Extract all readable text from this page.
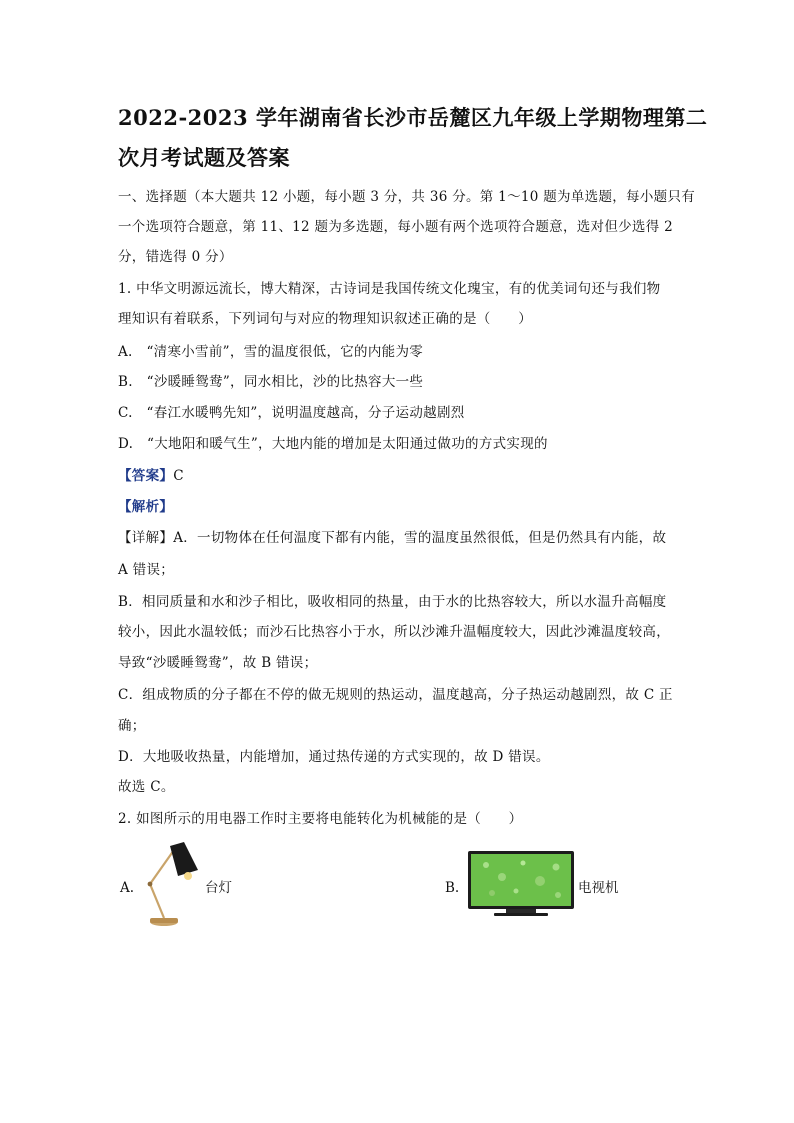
2022-2023 学年湖南省长沙市岳麓区九年级上学期物理第二
次月考试题及答案
一、选择题（本大题共 12 小题，每小题 3 分，共 36 分。第 1～10 题为单选题，每小题只有
一个选项符合题意，第 11、12 题为多选题，每小题有两个选项符合题意，选对但少选得 2
分，错选得 0 分）
1. 中华文明源远流长，博大精深，古诗词是我国传统文化瑰宝，有的优美词句还与我们物
理知识有着联系，下列词句与对应的物理知识叙述正确的是（　　）
A.　“清寒小雪前”，雪的温度很低，它的内能为零
B.　“沙暖睡鸳鸯”，同水相比，沙的比热容大一些
C.　“春江水暖鸭先知”，说明温度越高，分子运动越剧烈
D.　“大地阳和暖气生”，大地内能的增加是太阳通过做功的方式实现的
【答案】C
【解析】
【详解】A．一切物体在任何温度下都有内能，雪的温度虽然很低，但是仍然具有内能，故
A 错误；
B．相同质量和水和沙子相比，吸收相同的热量，由于水的比热容较大，所以水温升高幅度
较小，因此水温较低；而沙石比热容小于水，所以沙滩升温幅度较大，因此沙滩温度较高，
导致“沙暖睡鸳鸯”，故 B 错误；
C．组成物质的分子都在不停的做无规则的热运动，温度越高，分子热运动越剧烈，故 C 正
确；
D．大地吸收热量，内能增加，通过热传递的方式实现的，故 D 错误。
故选 C。
2. 如图所示的用电器工作时主要将电能转化为机械能的是（　　）
A.	台灯	B.	电视机
